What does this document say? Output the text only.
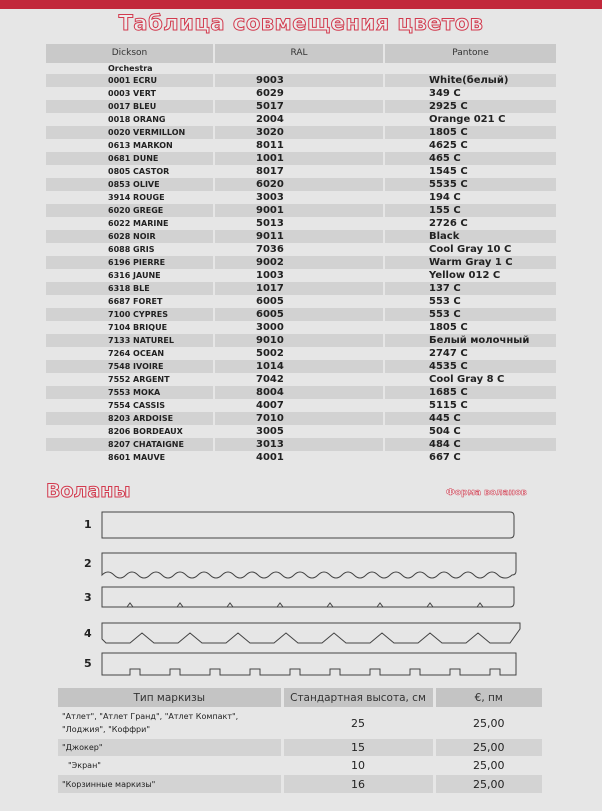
Таблица совмещения цветов
Dickson	RAL	Pantone
Orchestra		
0001 ECRU	9003	White(белый)
0003 VERT	6029	349 C
0017 BLEU	5017	2925 C
0018 ORANG	2004	Orange 021 C
0020 VERMILLON	3020	1805 C
0613 MARKON	8011	4625 C
0681 DUNE	1001	465 C
0805 CASTOR	8017	1545 C
0853 OLIVE	6020	5535 C
3914 ROUGE	3003	194 C
6020 GREGE	9001	155 C
6022 MARINE	5013	2726 C
6028 NOIR	9011	Black
6088 GRIS	7036	Cool Gray 10 C
6196 PIERRE	9002	Warm Gray 1 C
6316 JAUNE	1003	Yellow 012 C
6318 BLE	1017	137 C
6687 FORET	6005	553 C
7100 CYPRES	6005	553 C
7104 BRIQUE	3000	1805 C
7133 NATUREL	9010	Белый молочный
7264 OCEAN	5002	2747 C
7548 IVOIRE	1014	4535 C
7552 ARGENT	7042	Cool Gray 8 C
7553 MOKA	8004	1685 C
7554 CASSIS	4007	5115 C
8203 ARDOISE	7010	445 C
8206 BORDEAUX	3005	504 C
8207 CHATAIGNE	3013	484 C
8601 MAUVE	4001	667 C
Воланы	Форма воланов
1
2
3
4
5
Тип маркизы	Стандартная высота, см	€, пм
"Атлет", "Атлет Гранд", "Атлет Компакт", "Лоджия", "Коффри"	25	25,00
"Джокер"	15	25,00
"Экран"	10	25,00
"Корзинные маркизы"	16	25,00
